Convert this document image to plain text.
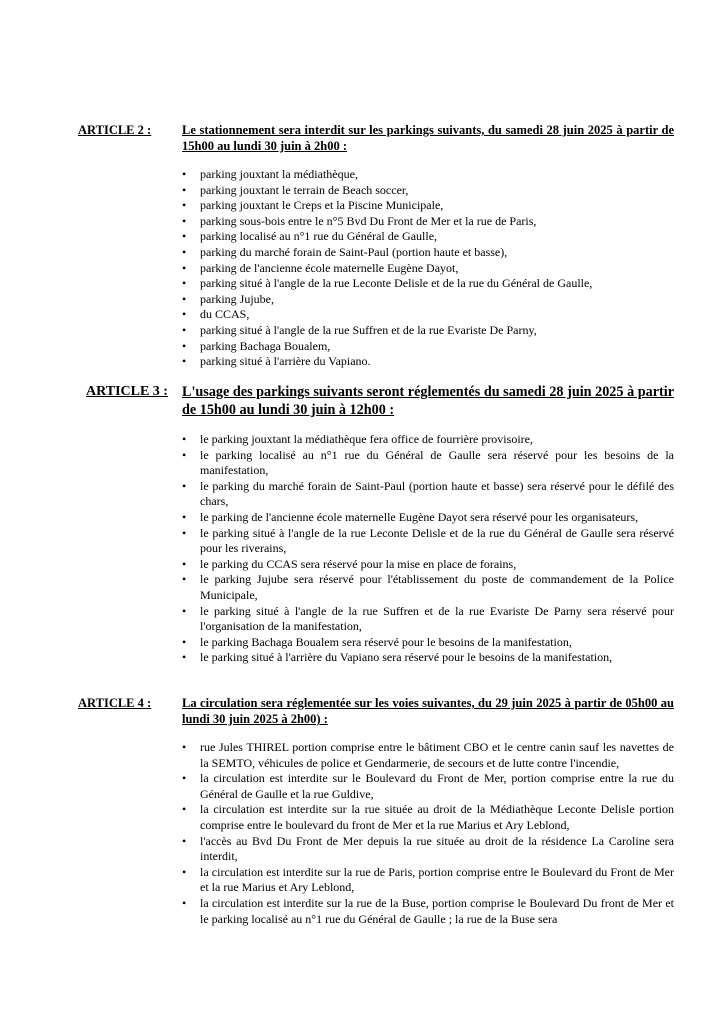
ARTICLE 2 : Le stationnement sera interdit sur les parkings suivants, du samedi 28 juin 2025 à partir de 15h00 au lundi 30 juin à 2h00 :
• parking jouxtant la médiathèque,
• parking jouxtant le terrain de Beach soccer,
• parking jouxtant le Creps et la Piscine Municipale,
• parking sous-bois entre le n°5 Bvd Du Front de Mer et la rue de Paris,
• parking localisé au n°1 rue du Général de Gaulle,
• parking du marché forain de Saint-Paul (portion haute et basse),
• parking de l'ancienne école maternelle Eugène Dayot,
• parking situé à l'angle de la rue Leconte Delisle et de la rue du Général de Gaulle,
• parking Jujube,
• du CCAS,
• parking situé à l'angle de la rue Suffren et de la rue Evariste De Parny,
• parking Bachaga Boualem,
• parking situé à l'arrière du Vapiano.
ARTICLE 3 : L'usage des parkings suivants seront réglementés du samedi 28 juin 2025 à partir de 15h00 au lundi 30 juin à 12h00 :
• le parking jouxtant la médiathèque fera office de fourrière provisoire,
• le parking localisé au n°1 rue du Général de Gaulle sera réservé pour les besoins de la manifestation,
• le parking du marché forain de Saint-Paul (portion haute et basse) sera réservé pour le défilé des chars,
• le parking de l'ancienne école maternelle Eugène Dayot sera réservé pour les organisateurs,
• le parking situé à l'angle de la rue Leconte Delisle et de la rue du Général de Gaulle sera réservé pour les riverains,
• le parking du CCAS sera réservé pour la mise en place de forains,
• le parking Jujube sera réservé pour l'établissement du poste de commandement de la Police Municipale,
• le parking situé à l'angle de la rue Suffren et de la rue Evariste De Parny sera réservé pour l'organisation de la manifestation,
• le parking Bachaga Boualem sera réservé pour le besoins de la manifestation,
• le parking situé à l'arrière du Vapiano sera réservé pour le besoins de la manifestation,
ARTICLE 4 : La circulation sera réglementée sur les voies suivantes, du 29 juin 2025 à partir de 05h00 au lundi 30 juin 2025 à 2h00) :
• rue Jules THIREL portion comprise entre le bâtiment CBO et le centre canin sauf les navettes de la SEMTO, véhicules de police et Gendarmerie, de secours et de lutte contre l'incendie,
• la circulation est interdite sur le Boulevard du Front de Mer, portion comprise entre la rue du Général de Gaulle et la rue Guldive,
• la circulation est interdite sur la rue située au droit de la Médiathèque Leconte Delisle portion comprise entre le boulevard du front de Mer et la rue Marius et Ary Leblond,
• l'accès au Bvd Du Front de Mer depuis la rue située au droit de la résidence La Caroline sera interdit,
• la circulation est interdite sur la rue de Paris, portion comprise entre le Boulevard du Front de Mer et la rue Marius et Ary Leblond,
• la circulation est interdite sur la rue de la Buse, portion comprise le Boulevard Du front de Mer et le parking localisé au n°1 rue du Général de Gaulle ; la rue de la Buse sera
